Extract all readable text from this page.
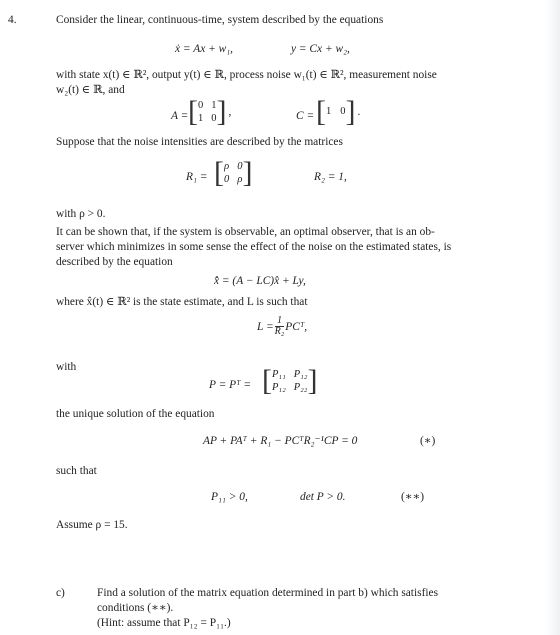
4.	Consider the linear, continuous-time, system described by the equations
ẋ = Ax + w₁,	y = Cx + w₂,
with state x(t) ∈ ℝ², output y(t) ∈ ℝ, process noise w₁(t) ∈ ℝ², measurement noise
w₂(t) ∈ ℝ, and
A = [ 0 1
1 0 ] ,	C = [ 1 0 ] .
Suppose that the noise intensities are described by the matrices
R₁ = [ ρ 0
0 ρ ]	R₂ = 1,
with ρ > 0.
It can be shown that, if the system is observable, an optimal observer, that is an ob-
server which minimizes in some sense the effect of the noise on the estimated states, is
described by the equation
x̂̇ = (A − LC)x̂ + Ly,
where x̂(t) ∈ ℝ² is the state estimate, and L is such that
$L = \frac{1}{\text{R₂}}$ PCᵀ,
with
P = Pᵀ = [ P₁₁ P₁₂
P₁₂ P₂₂ ]
the unique solution of the equation
AP + PAᵀ + R₁ − PCᵀR₂⁻¹CP = 0	(∗)
such that
P₁₁ > 0,	det P > 0.	(∗∗)
Assume ρ = 15.
c)	Find a solution of the matrix equation determined in part b) which satisfies
conditions (∗∗).
(Hint: assume that P₁₂ = P₁₁.)
